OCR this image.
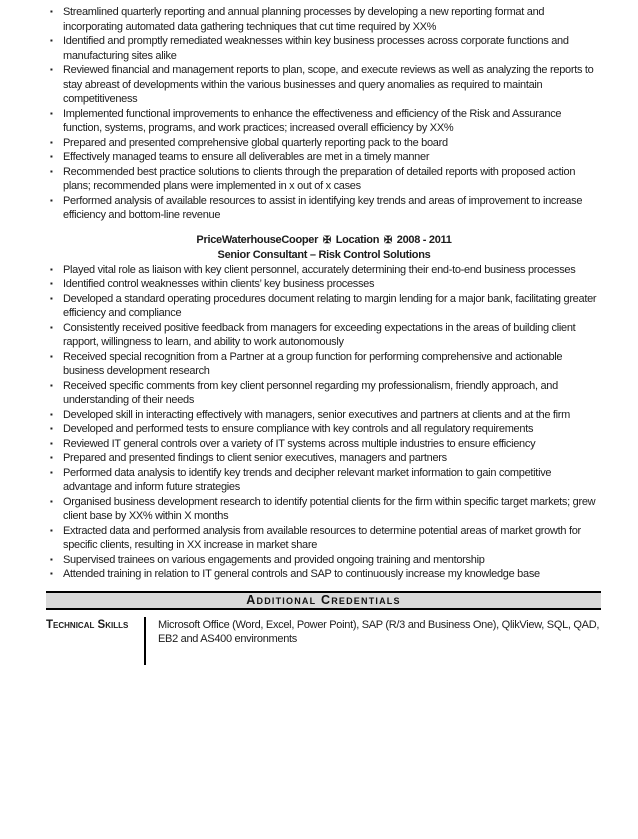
▪ Streamlined quarterly reporting and annual planning processes by developing a new reporting format and incorporating automated data gathering techniques that cut time required by XX%
▪ Identified and promptly remediated weaknesses within key business processes across corporate functions and manufacturing sites alike
▪ Reviewed financial and management reports to plan, scope, and execute reviews as well as analyzing the reports to stay abreast of developments within the various businesses and query anomalies as required to maintain competitiveness
▪ Implemented functional improvements to enhance the effectiveness and efficiency of the Risk and Assurance function, systems, programs, and work practices; increased overall efficiency by XX%
▪ Prepared and presented comprehensive global quarterly reporting pack to the board
▪ Effectively managed teams to ensure all deliverables are met in a timely manner
▪ Recommended best practice solutions to clients through the preparation of detailed reports with proposed action plans; recommended plans were implemented in x out of x cases
▪ Performed analysis of available resources to assist in identifying key trends and areas of improvement to increase efficiency and bottom-line revenue
PriceWaterhouseCooper ✠ Location ✠ 2008 - 2011
Senior Consultant – Risk Control Solutions
▪ Played vital role as liaison with key client personnel, accurately determining their end-to-end business processes
▪ Identified control weaknesses within clients’ key business processes
▪ Developed a standard operating procedures document relating to margin lending for a major bank, facilitating greater efficiency and compliance
▪ Consistently received positive feedback from managers for exceeding expectations in the areas of building client rapport, willingness to learn, and ability to work autonomously
▪ Received special recognition from a Partner at a group function for performing comprehensive and actionable business development research
▪ Received specific comments from key client personnel regarding my professionalism, friendly approach, and understanding of their needs
▪ Developed skill in interacting effectively with managers, senior executives and partners at clients and at the firm
▪ Developed and performed tests to ensure compliance with key controls and all regulatory requirements
▪ Reviewed IT general controls over a variety of IT systems across multiple industries to ensure efficiency
▪ Prepared and presented findings to client senior executives, managers and partners
▪ Performed data analysis to identify key trends and decipher relevant market information to gain competitive advantage and inform future strategies
▪ Organised business development research to identify potential clients for the firm within specific target markets; grew client base by XX% within X months
▪ Extracted data and performed analysis from available resources to determine potential areas of market growth for specific clients, resulting in XX increase in market share
▪ Supervised trainees on various engagements and provided ongoing training and mentorship
▪ Attended training in relation to IT general controls and SAP to continuously increase my knowledge base
Additional Credentials
Technical Skills	Microsoft Office (Word, Excel, Power Point), SAP (R/3 and Business One), QlikView, SQL, QAD, EB2 and AS400 environments
